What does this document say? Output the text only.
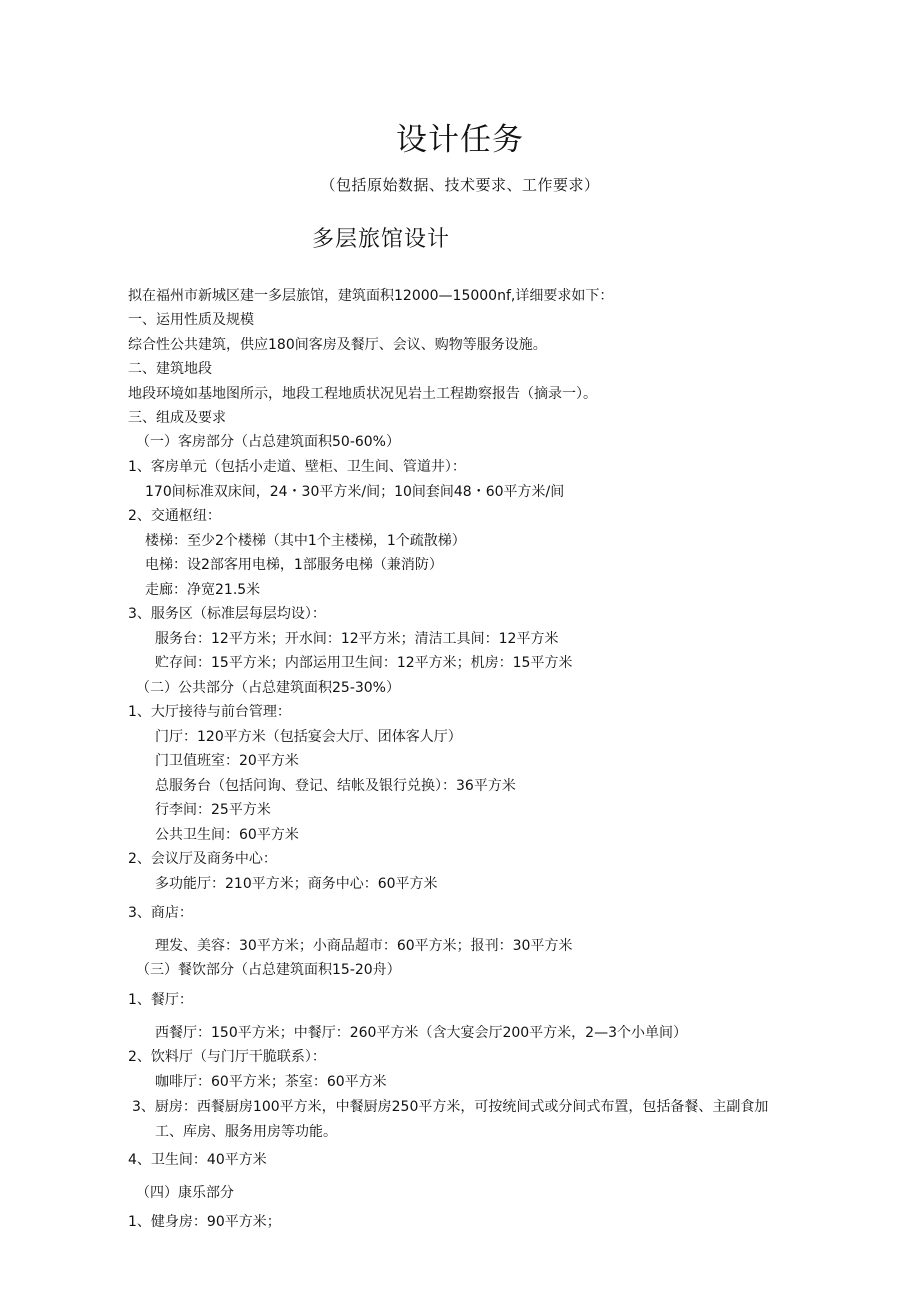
设计任务
（包括原始数据、技术要求、工作要求）
多层旅馆设计
拟在福州市新城区建一多层旅馆，建筑面积12000—15000nf,详细要求如下：
一、运用性质及规模
综合性公共建筑，供应180间客房及餐厅、会议、购物等服务设施。
二、建筑地段
地段环境如基地图所示，地段工程地质状况见岩土工程勘察报告（摘录一）。
三、组成及要求
（一）客房部分（占总建筑面积50-60%）
1、客房单元（包括小走道、壁柜、卫生间、管道井）：
170间标准双床间，24・30平方米/间；10间套间48・60平方米/间
2、交通枢纽：
楼梯：至少2个楼梯（其中1个主楼梯，1个疏散梯）
电梯：设2部客用电梯，1部服务电梯（兼消防）
走廊：净宽21.5米
3、服务区（标准层每层均设）：
服务台：12平方米；开水间：12平方米；清洁工具间：12平方米
贮存间：15平方米；内部运用卫生间：12平方米；机房：15平方米
（二）公共部分（占总建筑面积25-30%）
1、大厅接待与前台管理：
门厅：120平方米（包括宴会大厅、团体客人厅）
门卫值班室：20平方米
总服务台（包括问询、登记、结帐及银行兑换）：36平方米
行李间：25平方米
公共卫生间：60平方米
2、会议厅及商务中心：
多功能厅：210平方米；商务中心：60平方米
3、商店：
理发、美容：30平方米；小商品超市：60平方米；报刊：30平方米
（三）餐饮部分（占总建筑面积15-20舟）
1、餐厅：
西餐厅：150平方米；中餐厅：260平方米（含大宴会厅200平方米，2—3个小单间）
2、饮料厅（与门厅干脆联系）：
咖啡厅：60平方米；茶室：60平方米
3、厨房：西餐厨房100平方米，中餐厨房250平方米，可按统间式或分间式布置，包括备餐、主副食加
工、库房、服务用房等功能。
4、卫生间：40平方米
（四）康乐部分
1、健身房：90平方米；
